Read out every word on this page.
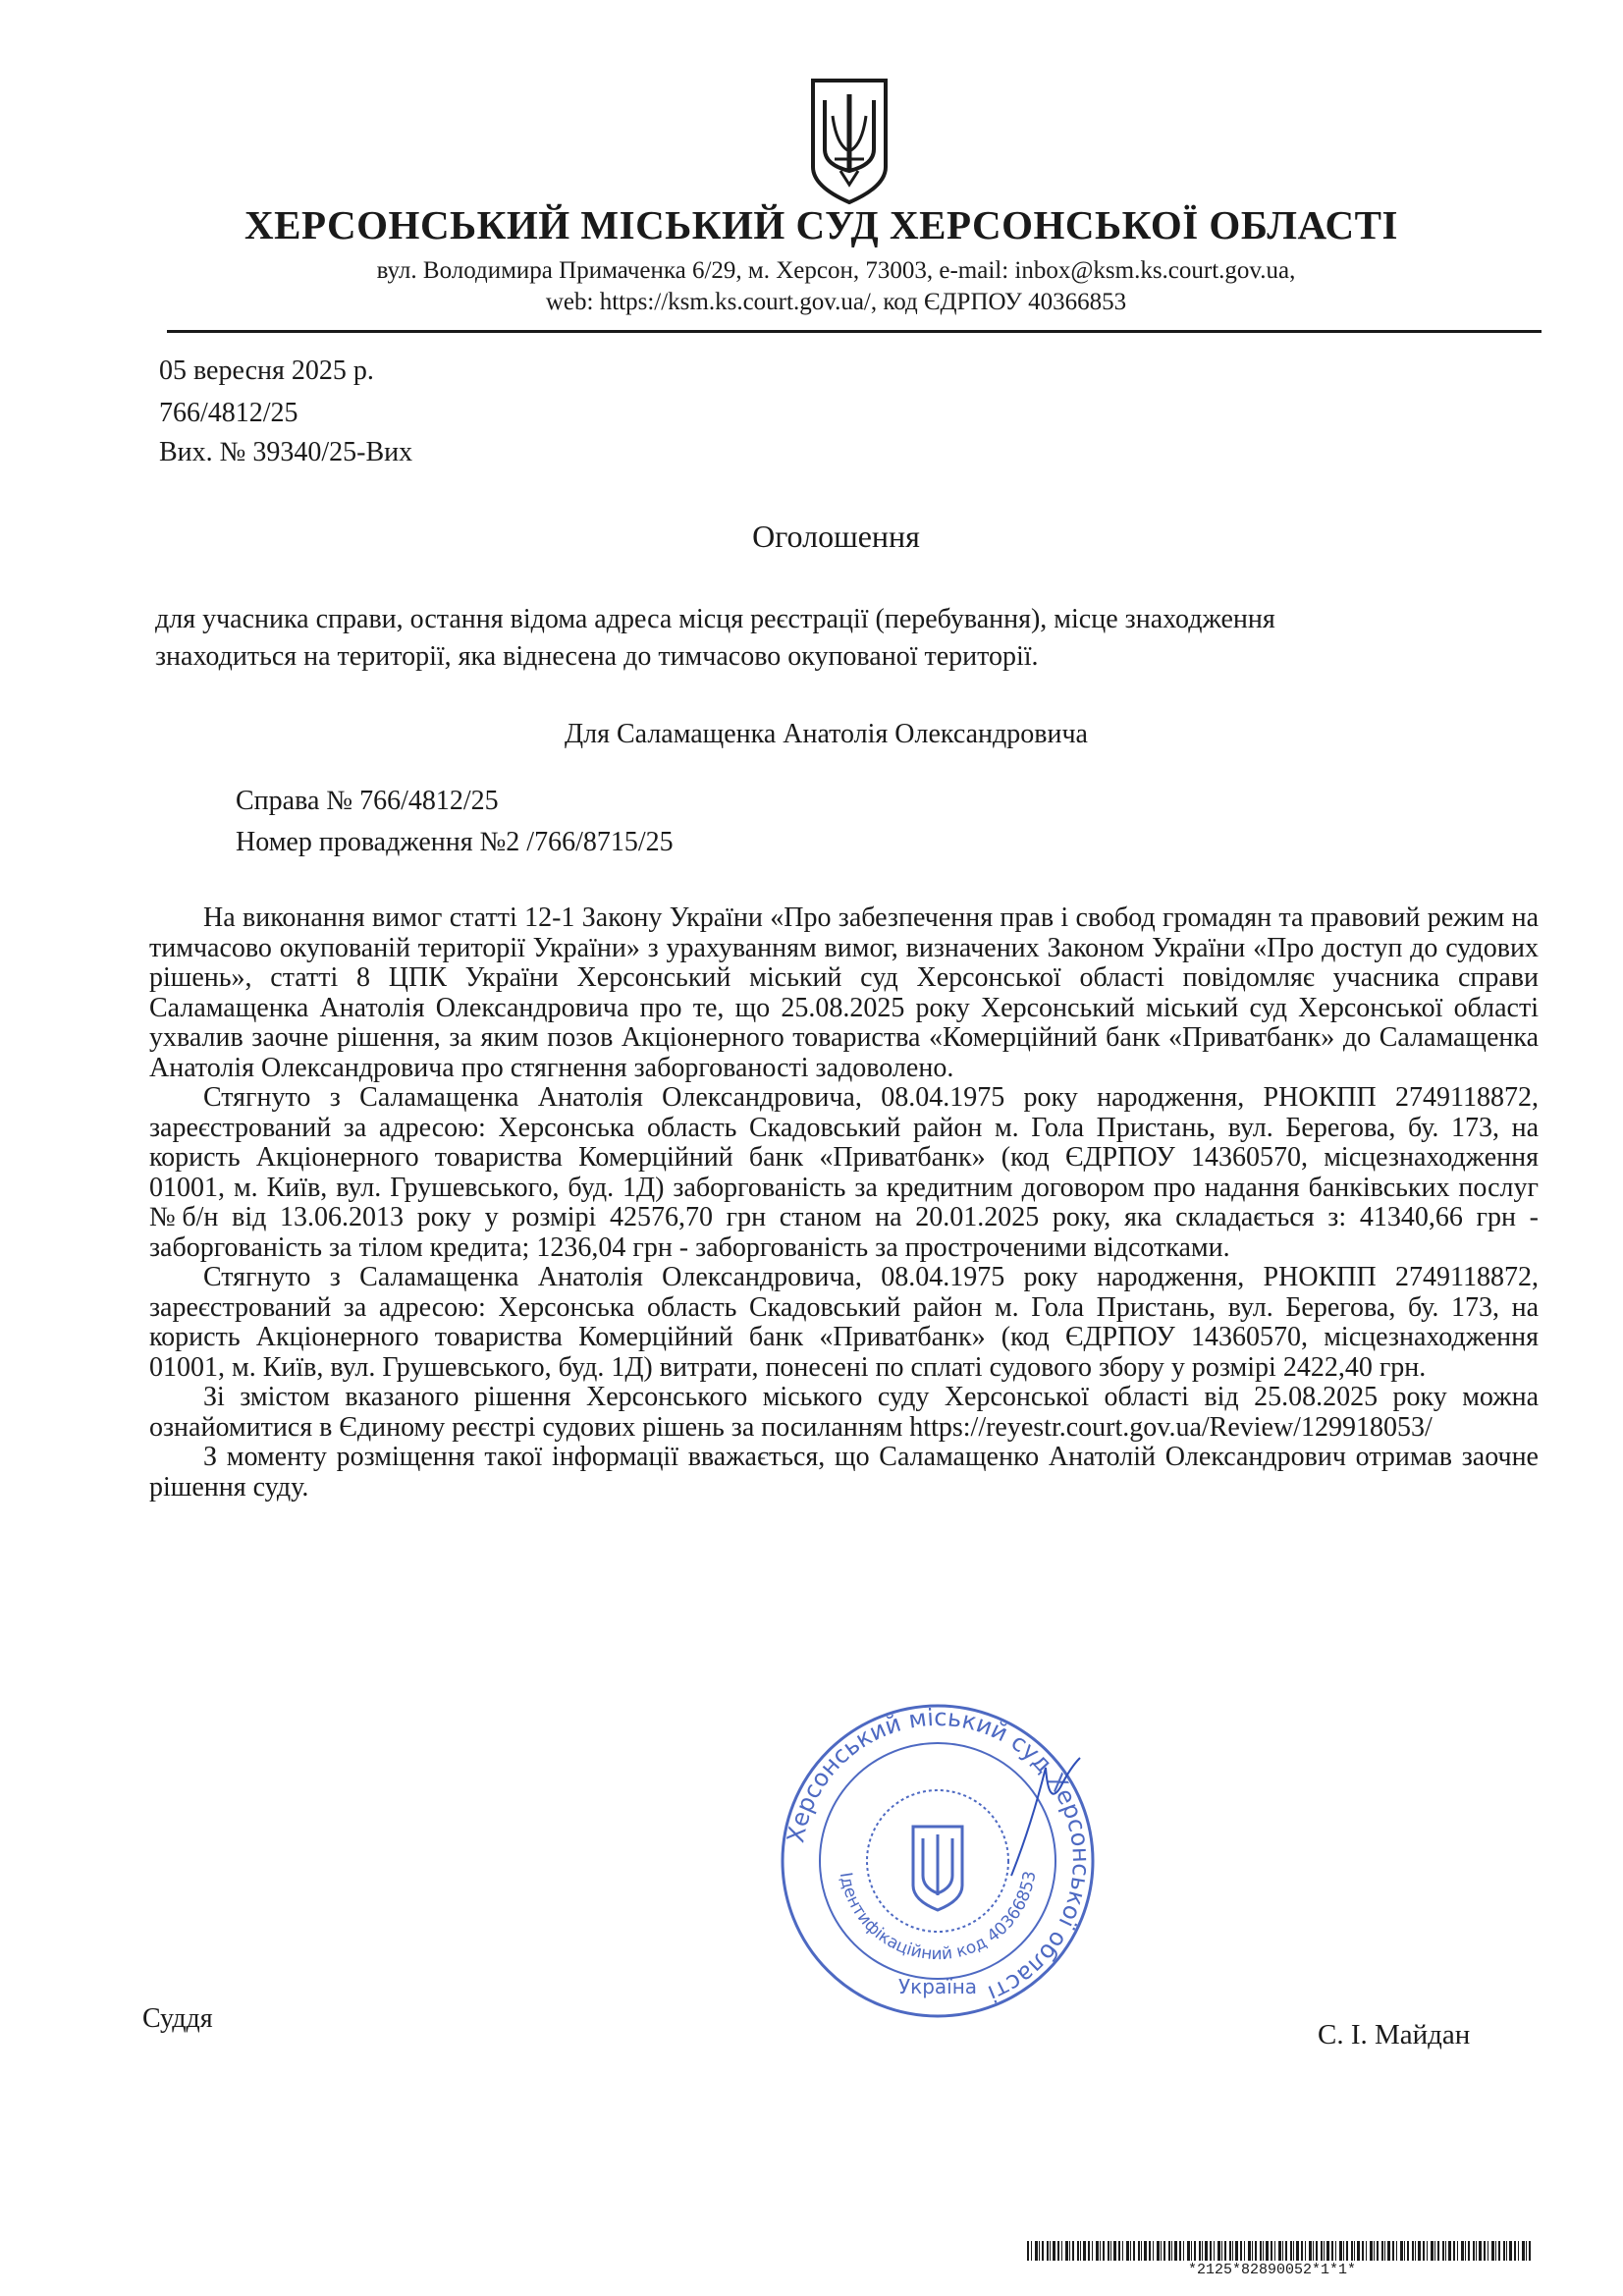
ХЕРСОНСЬКИЙ МІСЬКИЙ СУД ХЕРСОНСЬКОЇ ОБЛАСТІ
вул. Володимира Примаченка 6/29, м. Херсон, 73003, e-mail: inbox@ksm.ks.court.gov.ua,
web: https://ksm.ks.court.gov.ua/, код ЄДРПОУ 40366853
05 вересня 2025 р.
766/4812/25
Вих. № 39340/25-Вих
Оголошення
для учасника справи, остання відома адреса місця реєстрації (перебування), місце знаходження знаходиться на території, яка віднесена до тимчасово окупованої території.
Для Саламащенка Анатолія Олександровича
Справа № 766/4812/25
Номер провадження №2 /766/8715/25

На виконання вимог статті 12-1 Закону України «Про забезпечення прав і свобод громадян та правовий режим на тимчасово окупованій території України» з урахуванням вимог, визначених Законом України «Про доступ до судових рішень», статті 8 ЦПК України Херсонський міський суд Херсонської області повідомляє учасника справи Саламащенка Анатолія Олександровича про те, що 25.08.2025 року Херсонський міський суд Херсонської області ухвалив заочне рішення, за яким позов Акціонерного товариства «Комерційний банк «Приватбанк» до Саламащенка Анатолія Олександровича про стягнення заборгованості задоволено.

Стягнуто з Саламащенка Анатолія Олександровича, 08.04.1975 року народження, РНОКПП 2749118872, зареєстрований за адресою: Херсонська область Скадовський район м. Гола Пристань, вул. Берегова, бу. 173, на користь Акціонерного товариства Комерційний банк «Приватбанк» (код ЄДРПОУ 14360570, місцезнаходження 01001, м. Київ, вул. Грушевського, буд. 1Д) заборгованість за кредитним договором про надання банківських послуг №б/н від 13.06.2013 року у розмірі 42576,70 грн станом на 20.01.2025 року, яка складається з: 41340,66 грн - заборгованість за тілом кредита; 1236,04 грн - заборгованість за простроченими відсотками.

Стягнуто з Саламащенка Анатолія Олександровича, 08.04.1975 року народження, РНОКПП 2749118872, зареєстрований за адресою: Херсонська область Скадовський район м. Гола Пристань, вул. Берегова, бу. 173, на користь Акціонерного товариства Комерційний банк «Приватбанк» (код ЄДРПОУ 14360570, місцезнаходження 01001, м. Київ, вул. Грушевського, буд. 1Д) витрати, понесені по сплаті судового збору у розмірі 2422,40 грн.

Зі змістом вказаного рішення Херсонського міського суду Херсонської області від 25.08.2025 року можна ознайомитися в Єдиному реєстрі судових рішень за посиланням https://reyestr.court.gov.ua/Review/129918053/

З моменту розміщення такої інформації вважається, що Саламащенко Анатолій Олександрович отримав заочне рішення суду.

Херсонський міський суд Херсонської області
Ідентифікаційний код 40366853
Україна
Суддя
С. І. Майдан
*2125*82890052*1*1*
